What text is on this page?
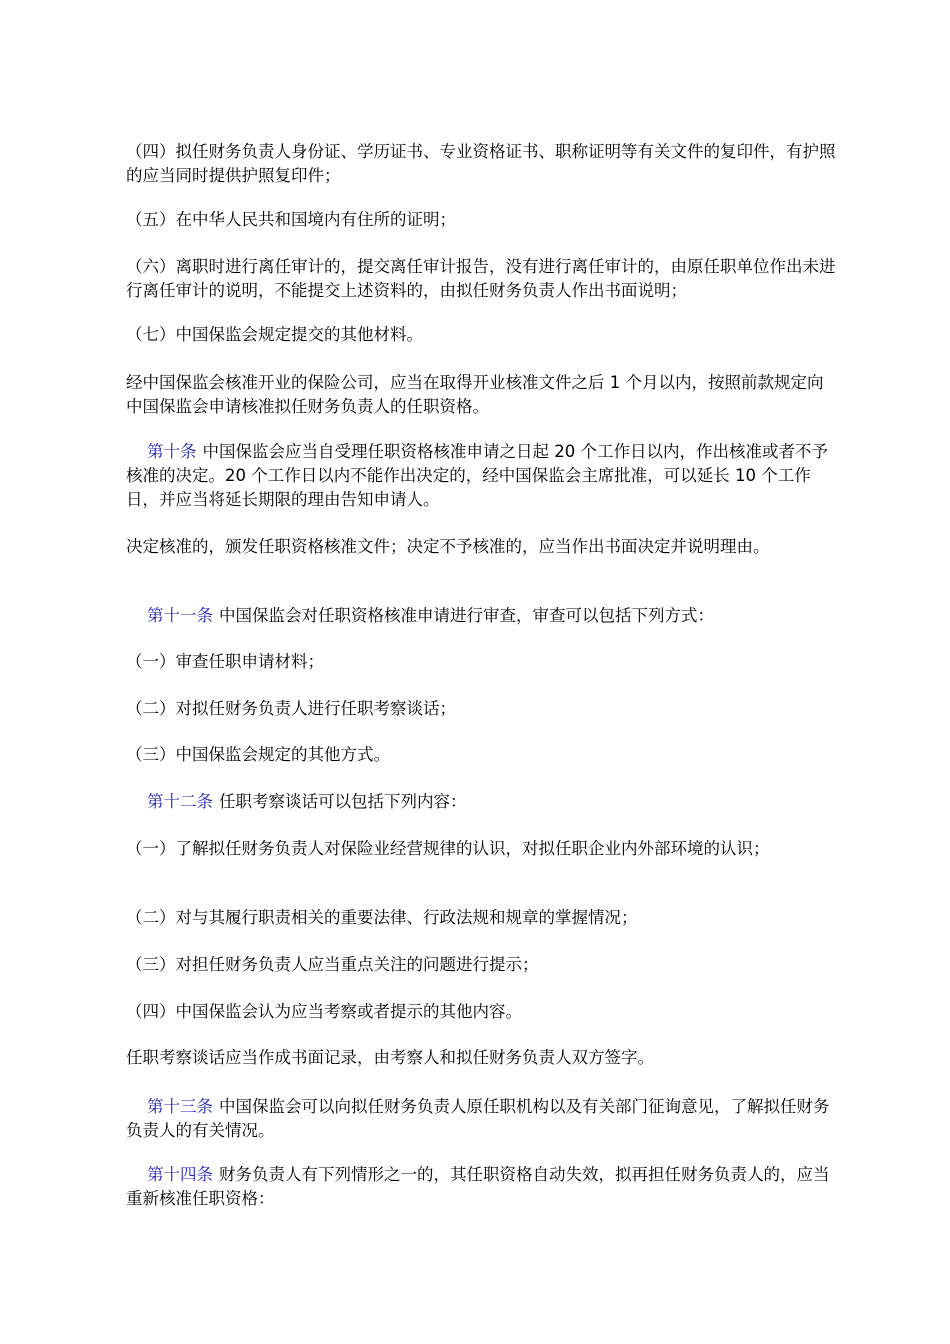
（四）拟任财务负责人身份证、学历证书、专业资格证书、职称证明等有关文件的复印件，有护照的应当同时提供护照复印件；

（五）在中华人民共和国境内有住所的证明；

（六）离职时进行离任审计的，提交离任审计报告，没有进行离任审计的，由原任职单位作出未进行离任审计的说明，不能提交上述资料的，由拟任财务负责人作出书面说明；

（七）中国保监会规定提交的其他材料。

经中国保监会核准开业的保险公司，应当在取得开业核准文件之后 1 个月以内，按照前款规定向中国保监会申请核准拟任财务负责人的任职资格。

第十条 中国保监会应当自受理任职资格核准申请之日起 20 个工作日以内，作出核准或者不予核准的决定。20 个工作日以内不能作出决定的，经中国保监会主席批准，可以延长 10 个工作日，并应当将延长期限的理由告知申请人。

决定核准的，颁发任职资格核准文件；决定不予核准的，应当作出书面决定并说明理由。

第十一条 中国保监会对任职资格核准申请进行审查，审查可以包括下列方式：

（一）审查任职申请材料；

（二）对拟任财务负责人进行任职考察谈话；

（三）中国保监会规定的其他方式。

第十二条 任职考察谈话可以包括下列内容：

（一）了解拟任财务负责人对保险业经营规律的认识，对拟任职企业内外部环境的认识；

（二）对与其履行职责相关的重要法律、行政法规和规章的掌握情况；

（三）对担任财务负责人应当重点关注的问题进行提示；

（四）中国保监会认为应当考察或者提示的其他内容。

任职考察谈话应当作成书面记录，由考察人和拟任财务负责人双方签字。

第十三条 中国保监会可以向拟任财务负责人原任职机构以及有关部门征询意见，了解拟任财务负责人的有关情况。

第十四条 财务负责人有下列情形之一的，其任职资格自动失效，拟再担任财务负责人的，应当重新核准任职资格：
